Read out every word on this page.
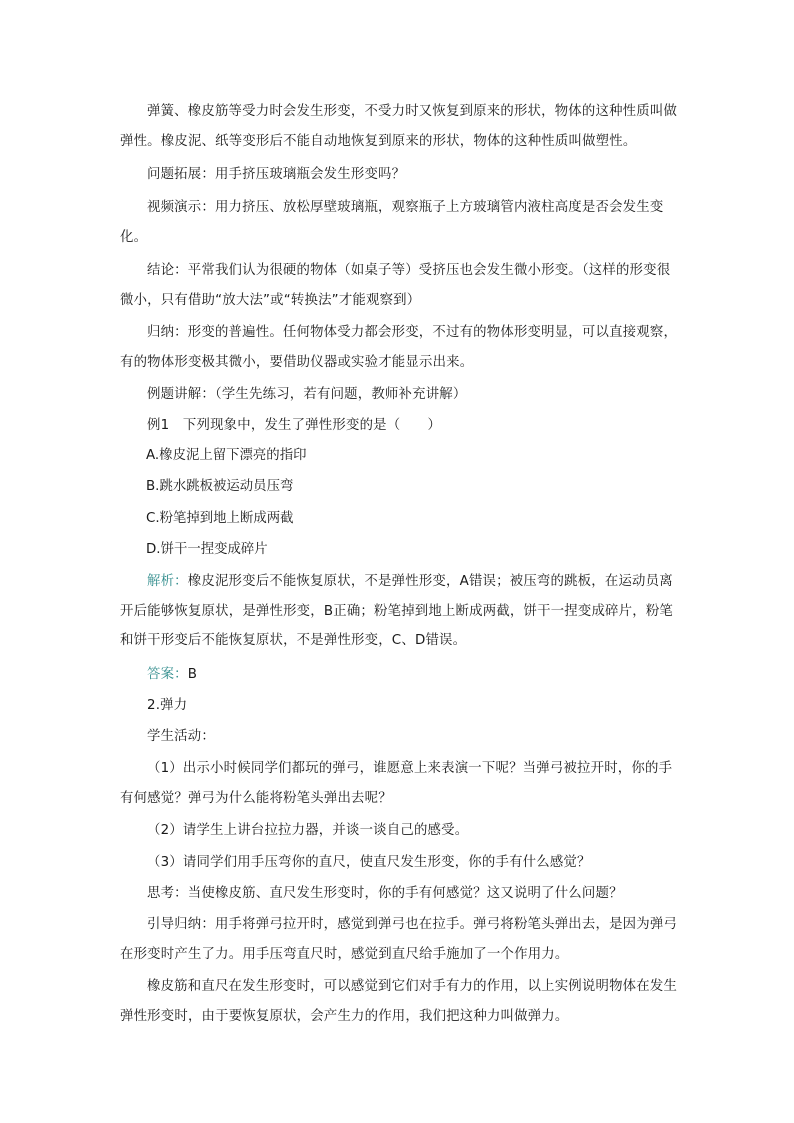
弹簧、橡皮筋等受力时会发生形变，不受力时又恢复到原来的形状，物体的这种性质叫做弹性。橡皮泥、纸等变形后不能自动地恢复到原来的形状，物体的这种性质叫做塑性。

问题拓展：用手挤压玻璃瓶会发生形变吗？

视频演示：用力挤压、放松厚壁玻璃瓶，观察瓶子上方玻璃管内液柱高度是否会发生变化。

结论：平常我们认为很硬的物体（如桌子等）受挤压也会发生微小形变。（这样的形变很微小，只有借助“放大法”或“转换法”才能观察到）

归纳：形变的普遍性。任何物体受力都会形变，不过有的物体形变明显，可以直接观察，有的物体形变极其微小，要借助仪器或实验才能显示出来。

例题讲解：（学生先练习，若有问题，教师补充讲解）

例1　下列现象中，发生了弹性形变的是（　　）

A.橡皮泥上留下漂亮的指印

B.跳水跳板被运动员压弯

C.粉笔掉到地上断成两截

D.饼干一捏变成碎片

解析：橡皮泥形变后不能恢复原状，不是弹性形变，A错误；被压弯的跳板，在运动员离开后能够恢复原状，是弹性形变，B正确；粉笔掉到地上断成两截，饼干一捏变成碎片，粉笔和饼干形变后不能恢复原状，不是弹性形变，C、D错误。

答案：B

2.弹力

学生活动：

（1）出示小时候同学们都玩的弹弓，谁愿意上来表演一下呢？当弹弓被拉开时，你的手有何感觉？弹弓为什么能将粉笔头弹出去呢？

（2）请学生上讲台拉拉力器，并谈一谈自己的感受。

（3）请同学们用手压弯你的直尺，使直尺发生形变，你的手有什么感觉？

思考：当使橡皮筋、直尺发生形变时，你的手有何感觉？这又说明了什么问题？

引导归纳：用手将弹弓拉开时，感觉到弹弓也在拉手。弹弓将粉笔头弹出去，是因为弹弓在形变时产生了力。用手压弯直尺时，感觉到直尺给手施加了一个作用力。

橡皮筋和直尺在发生形变时，可以感觉到它们对手有力的作用，以上实例说明物体在发生弹性形变时，由于要恢复原状，会产生力的作用，我们把这种力叫做弹力。
